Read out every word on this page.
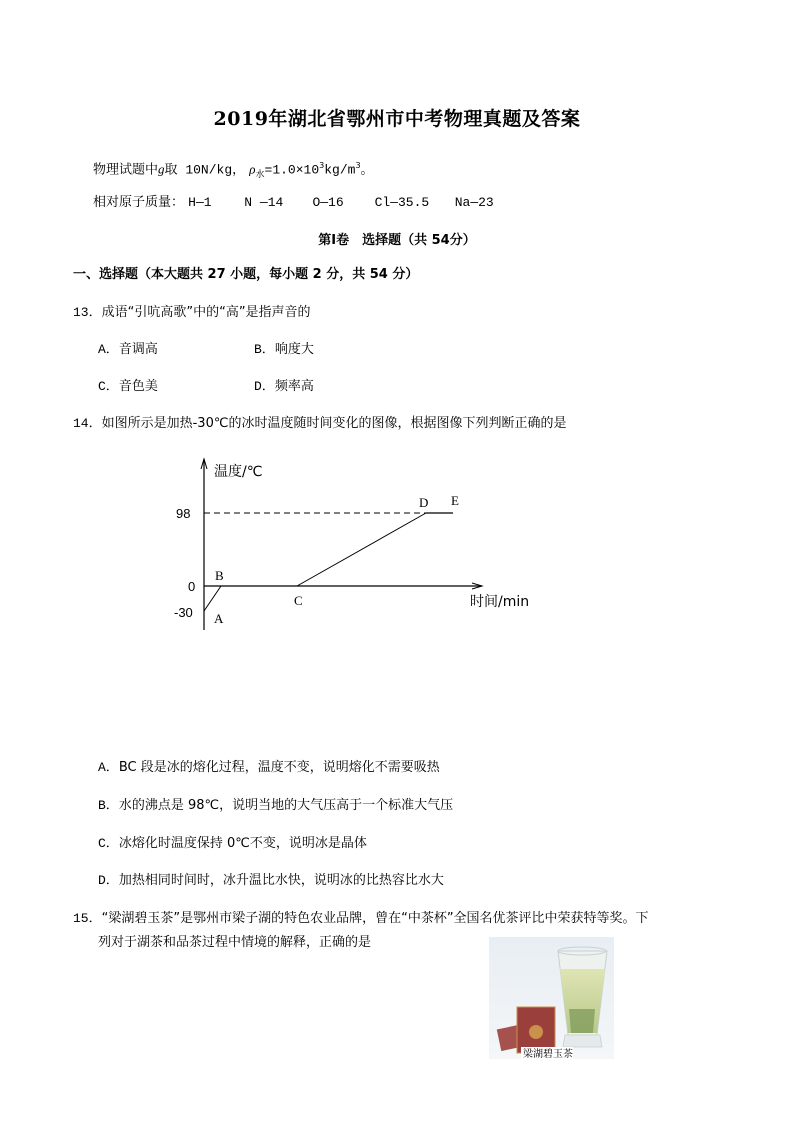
2019年湖北省鄂州市中考物理真题及答案
物理试题中g取 10N/kg， $\rho_水=1.0\times 10^3kg/m^3$。
相对原子质量： H—1	N —14 O—16 Cl—35.5 Na—23
第Ⅰ卷　选择题（共 54分）
一、选择题（本大题共 27 小题，每小题 2 分，共 54 分）
13．成语“引吭高歌”中的“高”是指声音的
A．音调高	B．响度大
C．音色美	D．频率高
14．如图所示是加热-30℃的冰时温度随时间变化的图像，根据图像下列判断正确的是
98
0
-30
温度/℃
时间/min
B
A
C
D E
A．BC 段是冰的熔化过程，温度不变，说明熔化不需要吸热
B．水的沸点是 98℃，说明当地的大气压高于一个标准大气压
C．冰熔化时温度保持 0℃不变，说明冰是晶体
D．加热相同时间时，冰升温比水快，说明冰的比热容比水大
15．“梁湖碧玉茶”是鄂州市梁子湖的特色农业品牌，曾在“中茶杯”全国名优茶评比中荣获特等奖。下
列对于湖茶和品茶过程中情境的解释，正确的是
梁湖碧玉茶
